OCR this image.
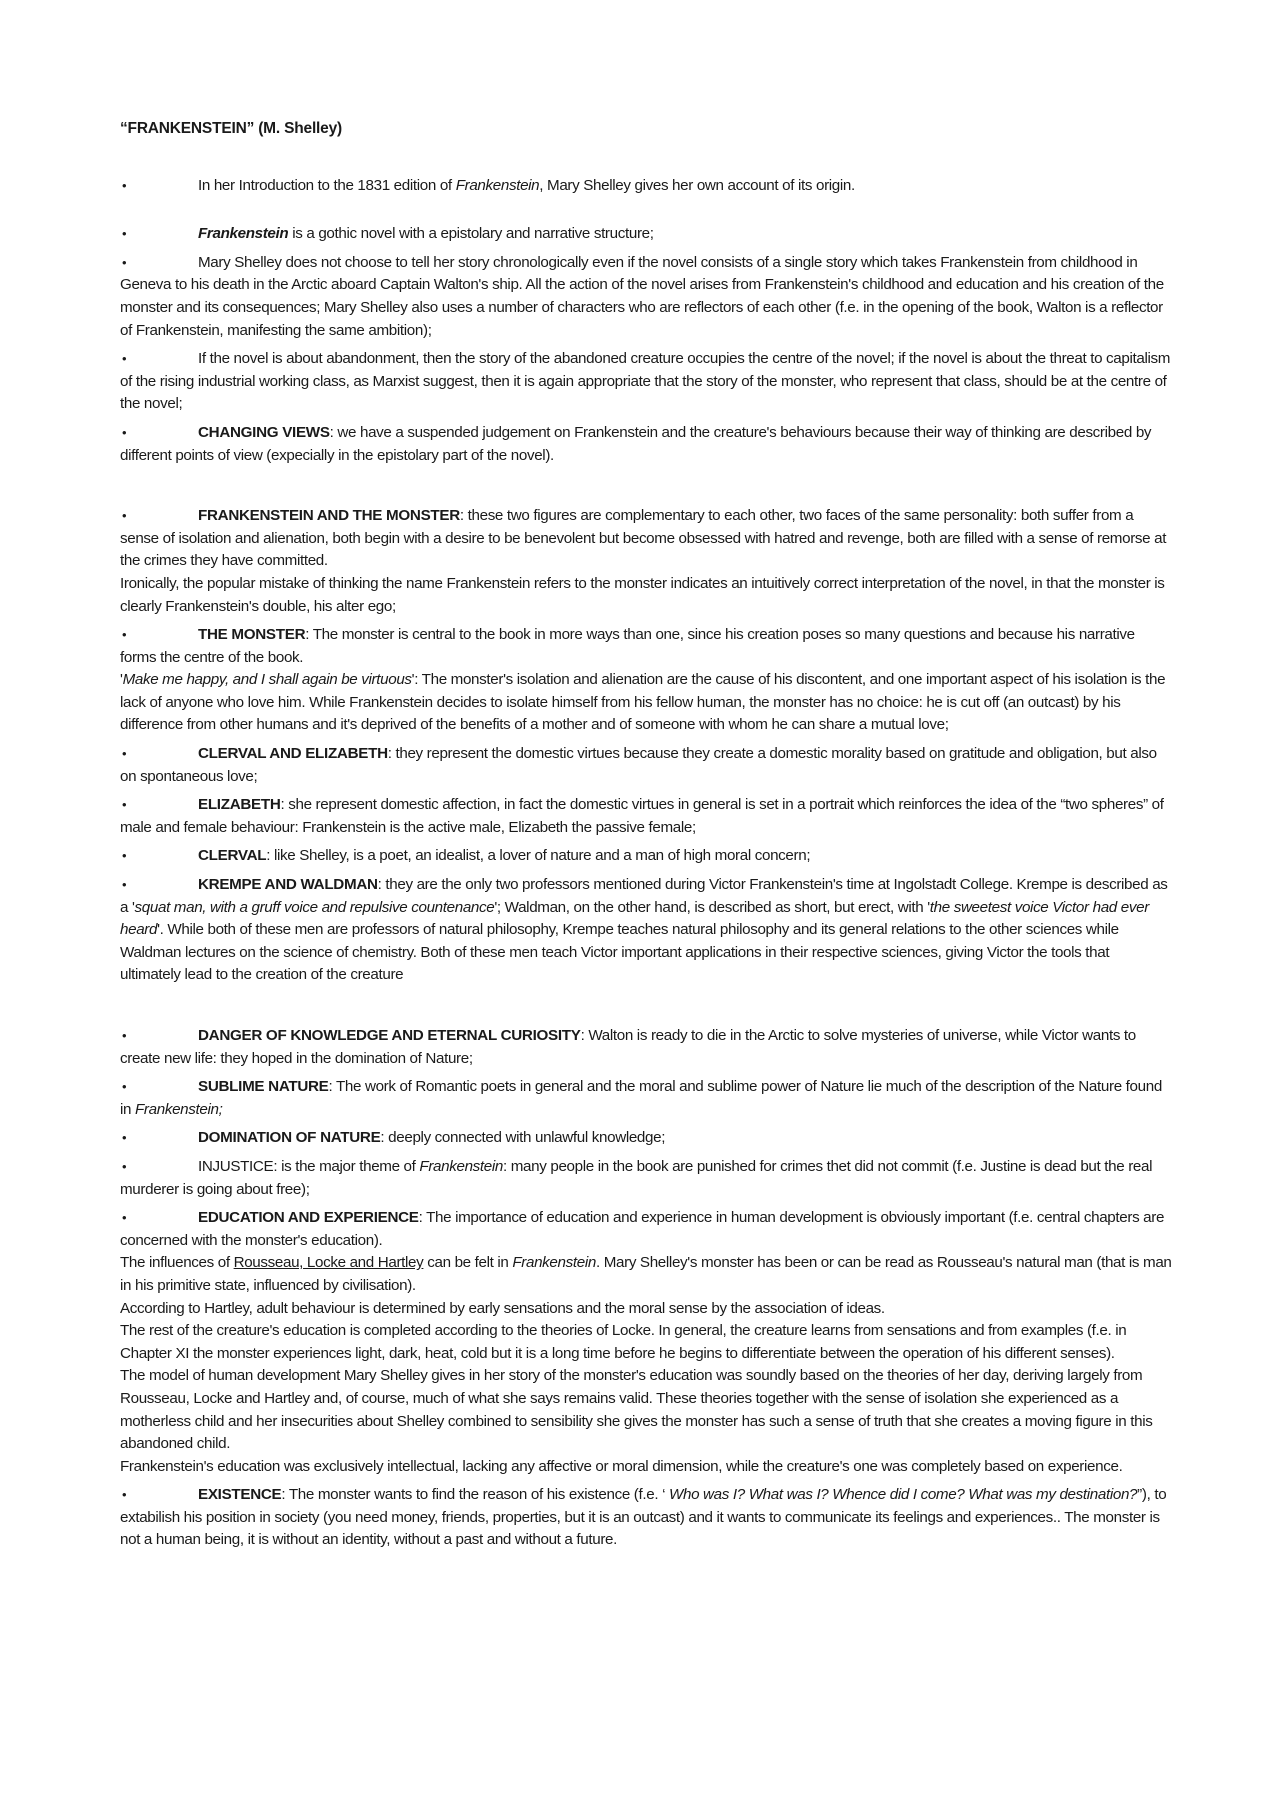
“FRANKENSTEIN” (M. Shelley)

•	In her Introduction to the 1831 edition of Frankenstein, Mary Shelley gives her own account of its origin.

•	Frankenstein is a gothic novel with a epistolary and narrative structure;

•	Mary Shelley does not choose to tell her story chronologically even if the novel consists of a single story which takes Frankenstein from childhood in Geneva to his death in the Arctic aboard Captain Walton's ship. All the action of the novel arises from Frankenstein's childhood and education and his creation of the monster and its consequences; Mary Shelley also uses a number of characters who are reflectors of each other (f.e. in the opening of the book, Walton is a reflector of Frankenstein, manifesting the same ambition);

•	If the novel is about abandonment, then the story of the abandoned creature occupies the centre of the novel; if the novel is about the threat to capitalism of the rising industrial working class, as Marxist suggest, then it is again appropriate that the story of the monster, who represent that class, should be at the centre of the novel;

•	CHANGING VIEWS: we have a suspended judgement on Frankenstein and the creature's behaviours because their way of thinking are described by different points of view (expecially in the epistolary part of the novel).

•	FRANKENSTEIN AND THE MONSTER: these two figures are complementary to each other, two faces of the same personality: both suffer from a sense of isolation and alienation, both begin with a desire to be benevolent but become obsessed with hatred and revenge, both are filled with a sense of remorse at the crimes they have committed.

Ironically, the popular mistake of thinking the name Frankenstein refers to the monster indicates an intuitively correct interpretation of the novel, in that the monster is clearly Frankenstein's double, his alter ego;

•	THE MONSTER: The monster is central to the book in more ways than one, since his creation poses so many questions and because his narrative forms the centre of the book.

'Make me happy, and I shall again be virtuous': The monster's isolation and alienation are the cause of his discontent, and one important aspect of his isolation is the lack of anyone who love him. While Frankenstein decides to isolate himself from his fellow human, the monster has no choice: he is cut off (an outcast) by his difference from other humans and it's deprived of the benefits of a mother and of someone with whom he can share a mutual love;

•	CLERVAL AND ELIZABETH: they represent the domestic virtues because they create a domestic morality based on gratitude and obligation, but also on spontaneous love;

•	ELIZABETH: she represent domestic affection, in fact the domestic virtues in general is set in a portrait which reinforces the idea of the “two spheres” of male and female behaviour: Frankenstein is the active male, Elizabeth the passive female;

•	CLERVAL: like Shelley, is a poet, an idealist, a lover of nature and a man of high moral concern;

•	KREMPE AND WALDMAN: they are the only two professors mentioned during Victor Frankenstein's time at Ingolstadt College. Krempe is described as a 'squat man, with a gruff voice and repulsive countenance'; Waldman, on the other hand, is described as short, but erect, with 'the sweetest voice Victor had ever heard'. While both of these men are professors of natural philosophy, Krempe teaches natural philosophy and its general relations to the other sciences while Waldman lectures on the science of chemistry. Both of these men teach Victor important applications in their respective sciences, giving Victor the tools that ultimately lead to the creation of the creature

•	DANGER OF KNOWLEDGE AND ETERNAL CURIOSITY: Walton is ready to die in the Arctic to solve mysteries of universe, while Victor wants to create new life: they hoped in the domination of Nature;

•	SUBLIME NATURE: The work of Romantic poets in general and the moral and sublime power of Nature lie much of the description of the Nature found in Frankenstein;

•	DOMINATION OF NATURE: deeply connected with unlawful knowledge;

•	INJUSTICE: is the major theme of Frankenstein: many people in the book are punished for crimes thet did not commit (f.e. Justine is dead but the real murderer is going about free);

•	EDUCATION AND EXPERIENCE: The importance of education and experience in human development is obviously important (f.e. central chapters are concerned with the monster's education).

The influences of Rousseau, Locke and Hartley can be felt in Frankenstein. Mary Shelley's monster has been or can be read as Rousseau's natural man (that is man in his primitive state, influenced by civilisation).

According to Hartley, adult behaviour is determined by early sensations and the moral sense by the association of ideas.

The rest of the creature's education is completed according to the theories of Locke. In general, the creature learns from sensations and from examples (f.e. in Chapter XI the monster experiences light, dark, heat, cold but it is a long time before he begins to differentiate between the operation of his different senses).

The model of human development Mary Shelley gives in her story of the monster's education was soundly based on the theories of her day, deriving largely from Rousseau, Locke and Hartley and, of course, much of what she says remains valid. These theories together with the sense of isolation she experienced as a motherless child and her insecurities about Shelley combined to sensibility she gives the monster has such a sense of truth that she creates a moving figure in this abandoned child.

Frankenstein's education was exclusively intellectual, lacking any affective or moral dimension, while the creature's one was completely based on experience.

•	EXISTENCE: The monster wants to find the reason of his existence (f.e. ‘ Who was I? What was I? Whence did I come? What was my destination?”), to extabilish his position in society (you need money, friends, properties, but it is an outcast) and it wants to communicate its feelings and experiences.. The monster is not a human being, it is without an identity, without a past and without a future.
